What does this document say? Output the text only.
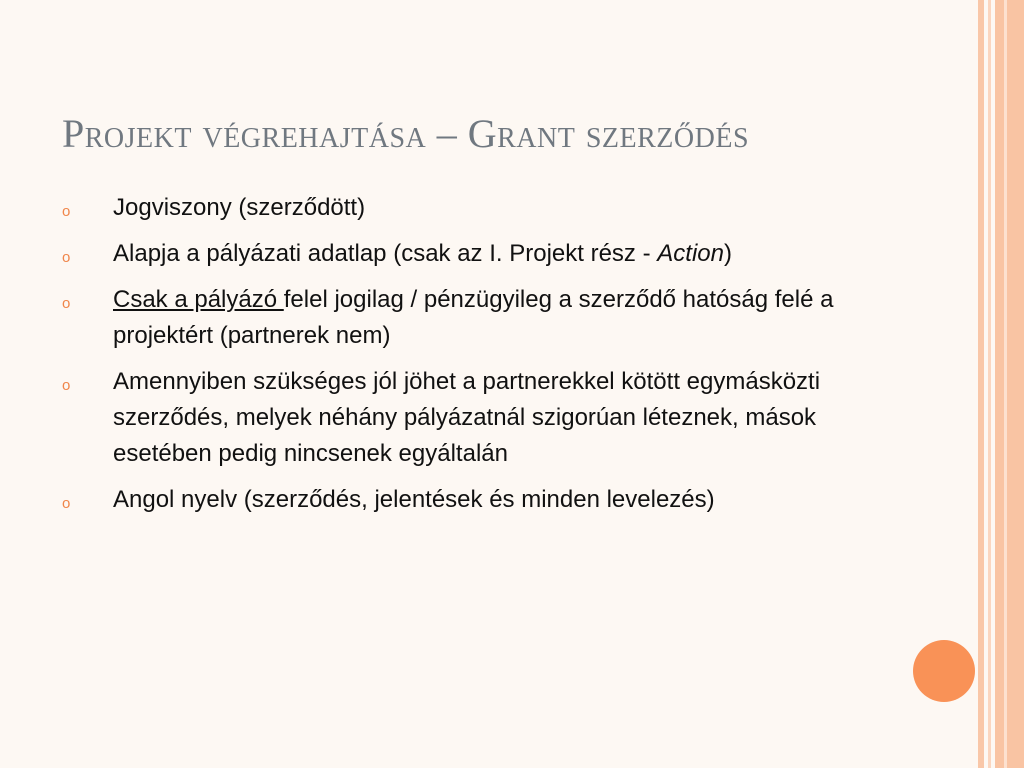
Projekt végrehajtása – Grant szerződés
o Jogviszony (szerződött)
o Alapja a pályázati adatlap (csak az I. Projekt rész - Action)
o Csak a pályázó felel jogilag / pénzügyileg a szerződő hatóság felé a projektért (partnerek nem)
o Amennyiben szükséges jól jöhet a partnerekkel kötött egymásközti szerződés, melyek néhány pályázatnál szigorúan léteznek, mások esetében pedig nincsenek egyáltalán
o Angol nyelv (szerződés, jelentések és minden levelezés)
